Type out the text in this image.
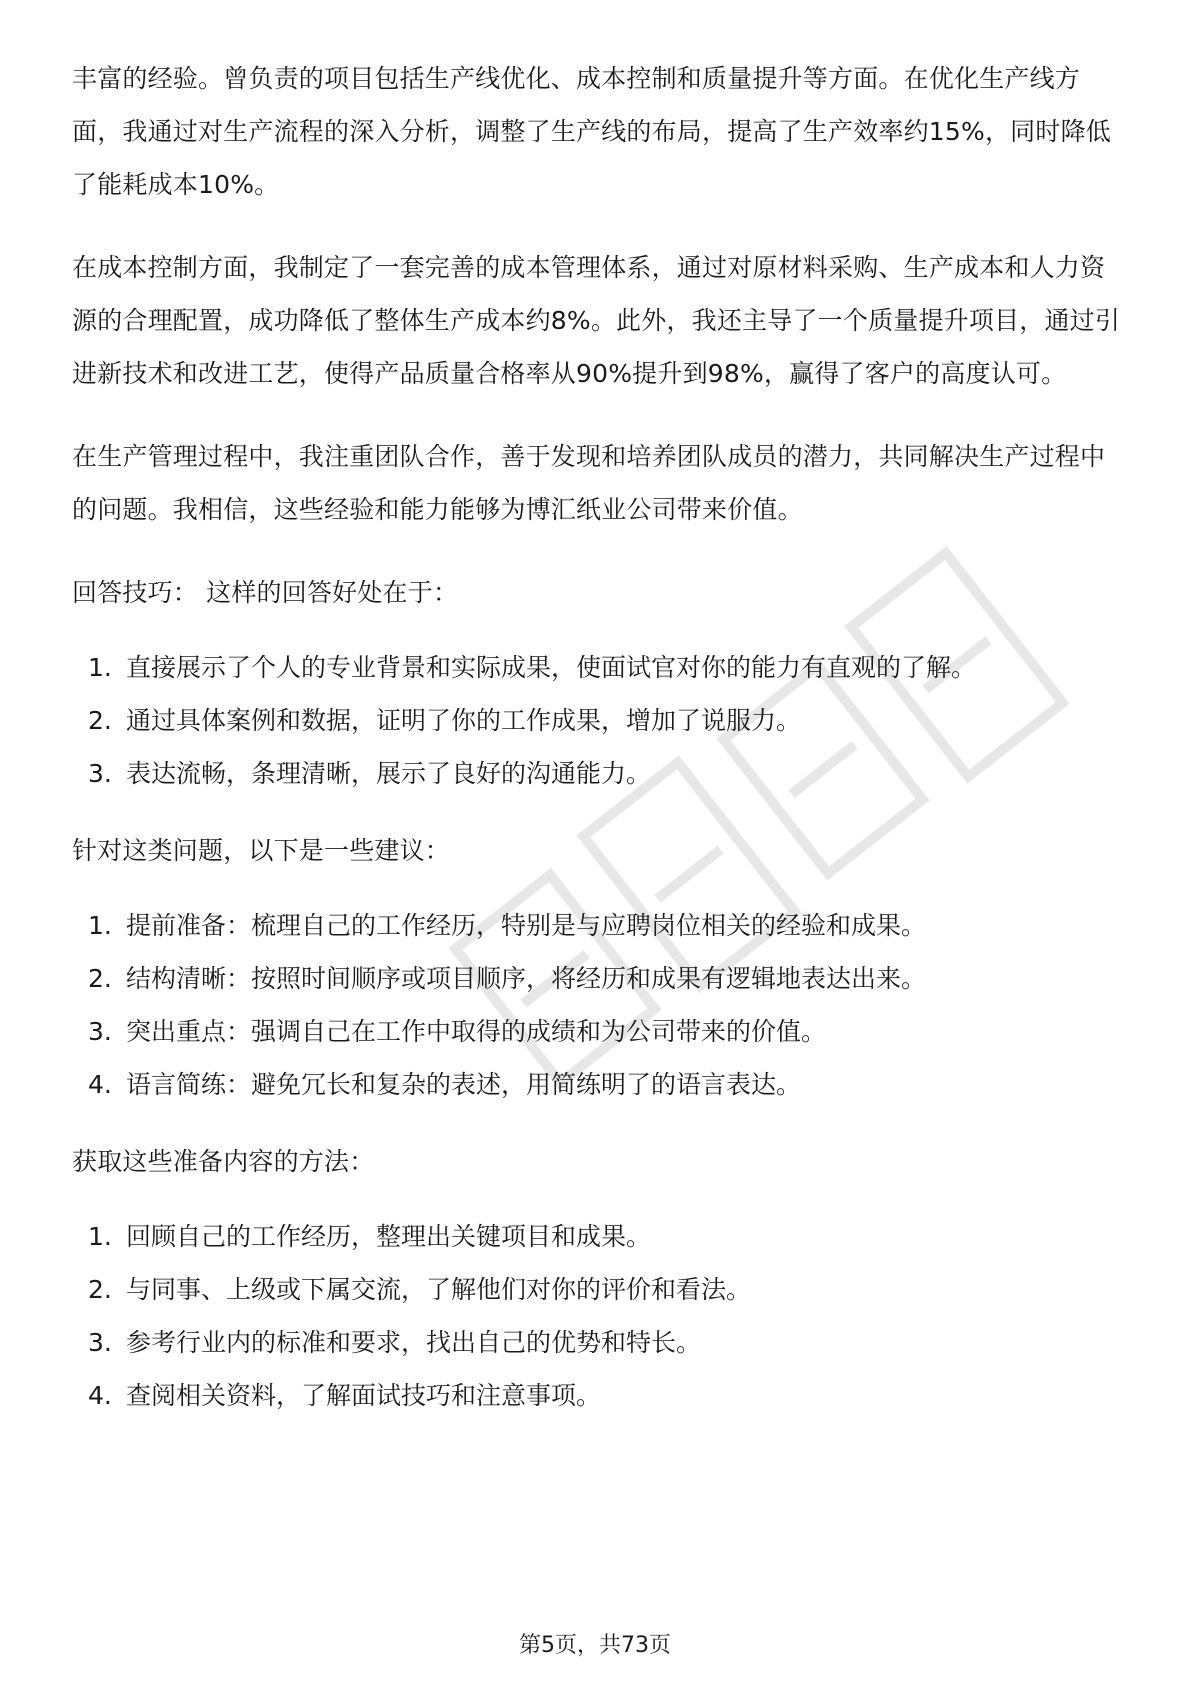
丰富的经验。曾负责的项目包括生产线优化、成本控制和质量提升等方面。在优化生产线方面，我通过对生产流程的深入分析，调整了生产线的布局，提高了生产效率约15%，同时降低了能耗成本10%。

在成本控制方面，我制定了一套完善的成本管理体系，通过对原材料采购、生产成本和人力资源的合理配置，成功降低了整体生产成本约8%。此外，我还主导了一个质量提升项目，通过引进新技术和改进工艺，使得产品质量合格率从90%提升到98%，赢得了客户的高度认可。

在生产管理过程中，我注重团队合作，善于发现和培养团队成员的潜力，共同解决生产过程中的问题。我相信，这些经验和能力能够为博汇纸业公司带来价值。

回答技巧： 这样的回答好处在于：

1. 直接展示了个人的专业背景和实际成果，使面试官对你的能力有直观的了解。
2. 通过具体案例和数据，证明了你的工作成果，增加了说服力。
3. 表达流畅，条理清晰，展示了良好的沟通能力。

针对这类问题，以下是一些建议：

1. 提前准备：梳理自己的工作经历，特别是与应聘岗位相关的经验和成果。
2. 结构清晰：按照时间顺序或项目顺序，将经历和成果有逻辑地表达出来。
3. 突出重点：强调自己在工作中取得的成绩和为公司带来的价值。
4. 语言简练：避免冗长和复杂的表述，用简练明了的语言表达。

获取这些准备内容的方法：

1. 回顾自己的工作经历，整理出关键项目和成果。
2. 与同事、上级或下属交流，了解他们对你的评价和看法。
3. 参考行业内的标准和要求，找出自己的优势和特长。
4. 查阅相关资料，了解面试技巧和注意事项。
第5页，共73页
